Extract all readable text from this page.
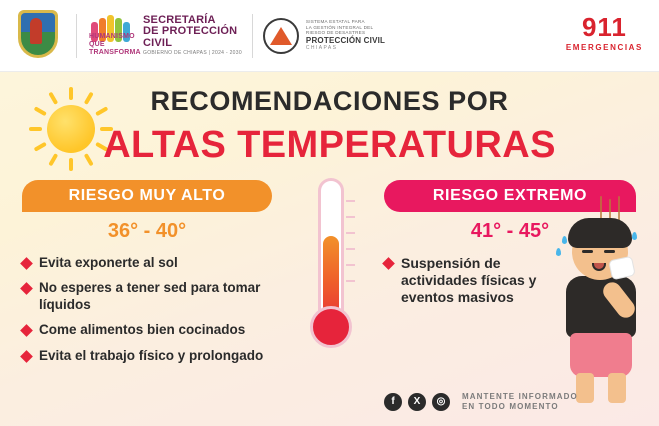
HUMANISMO QUE
TRANSFORMA
SECRETARÍA
DE PROTECCIÓN
CIVIL
GOBIERNO DE CHIAPAS | 2024 - 2030
SISTEMA ESTATAL PARA
LA GESTIÓN INTEGRAL DEL
RIESGO DE DESASTRES
PROTECCIÓN CIVIL
CHIAPAS
911
EMERGENCIAS
RECOMENDACIONES POR
ALTAS TEMPERATURAS
RIESGO MUY ALTO	RIESGO EXTREMO
36° - 40°	41° - 45°
Evita exponerte al sol
No esperes a tener sed para tomar líquidos
Come alimentos bien cocinados
Evita el trabajo físico y prolongado
Suspensión de actividades físicas y eventos masivos
f	X	◎	MANTENTE INFORMADO
EN TODO MOMENTO
